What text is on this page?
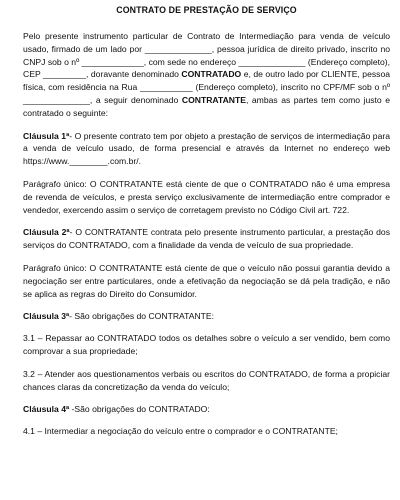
CONTRATO DE PRESTAÇÃO DE SERVIÇO

Pelo presente instrumento particular de Contrato de Intermediação para venda de veículo usado, firmado de um lado por ______________, pessoa jurídica de direito privado, inscrito no CNPJ sob o nº _____________, com sede no endereço ______________ (Endereço completo), CEP _________, doravante denominado CONTRATADO e, de outro lado por CLIENTE, pessoa física, com residência na Rua ___________ (Endereço completo), inscrito no CPF/MF sob o nº ______________, a seguir denominado CONTRATANTE, ambas as partes tem como justo e contratado o seguinte:

Cláusula 1ª- O presente contrato tem por objeto a prestação de serviços de intermediação para a venda de veículo usado, de forma presencial e através da Internet no endereço web https://www.________.com.br/.

Parágrafo único: O CONTRATANTE está ciente de que o CONTRATADO não é uma empresa de revenda de veículos, e presta serviço exclusivamente de intermediação entre comprador e vendedor, exercendo assim o serviço de corretagem previsto no Código Civil art. 722.

Cláusula 2ª- O CONTRATANTE contrata pelo presente instrumento particular, a prestação dos serviços do CONTRATADO, com a finalidade da venda de veículo de sua propriedade.

Parágrafo único: O CONTRATANTE está ciente de que o veículo não possui garantia devido a negociação ser entre particulares, onde a efetivação da negociação se dá pela tradição, e não se aplica as regras do Direito do Consumidor.

Cláusula 3ª- São obrigações do CONTRATANTE:

3.1 – Repassar ao CONTRATADO todos os detalhes sobre o veículo a ser vendido, bem como comprovar a sua propriedade;

3.2 – Atender aos questionamentos verbais ou escritos do CONTRATADO, de forma a propiciar chances claras da concretização da venda do veículo;

Cláusula 4ª -São obrigações do CONTRATADO:

4.1 – Intermediar a negociação do veículo entre o comprador e o CONTRATANTE;
